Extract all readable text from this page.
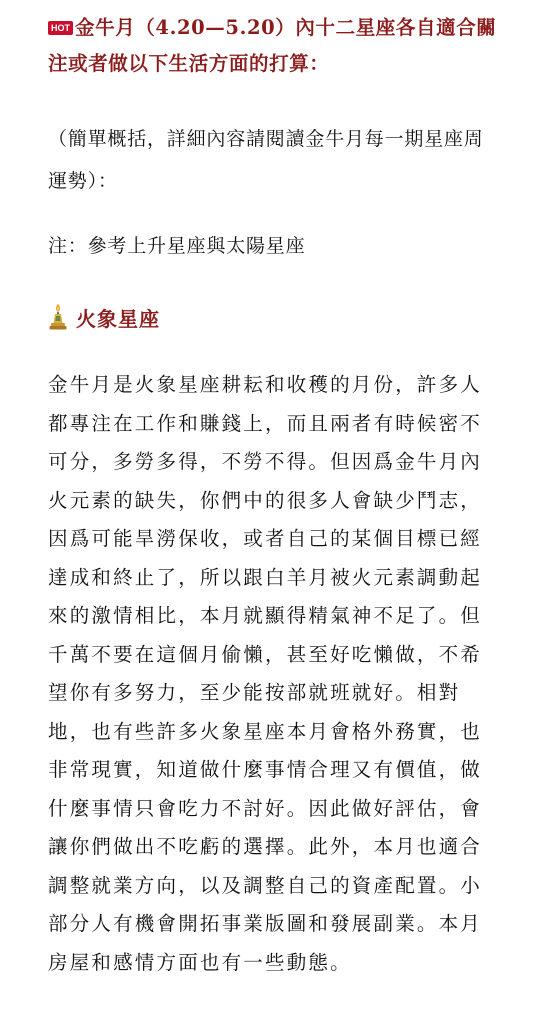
HOT 金牛月（4.20—5.20）內十二星座各自適合關注或者做以下生活方面的打算：

（簡單概括，詳細內容請閱讀金牛月每一期星座周運勢）：

注：參考上升星座與太陽星座

火象星座

金牛月是火象星座耕耘和收穫的月份，許多人都專注在工作和賺錢上，而且兩者有時候密不可分，多勞多得，不勞不得。但因爲金牛月內火元素的缺失，你們中的很多人會缺少鬥志，因爲可能旱澇保收，或者自己的某個目標已經達成和終止了，所以跟白羊月被火元素調動起來的激情相比，本月就顯得精氣神不足了。但千萬不要在這個月偷懶，甚至好吃懶做，不希望你有多努力，至少能按部就班就好。相對地，也有些許多火象星座本月會格外務實，也非常現實，知道做什麼事情合理又有價值，做什麼事情只會吃力不討好。因此做好評估，會讓你們做出不吃虧的選擇。此外，本月也適合調整就業方向，以及調整自己的資產配置。小部分人有機會開拓事業版圖和發展副業。本月房屋和感情方面也有一些動態。
